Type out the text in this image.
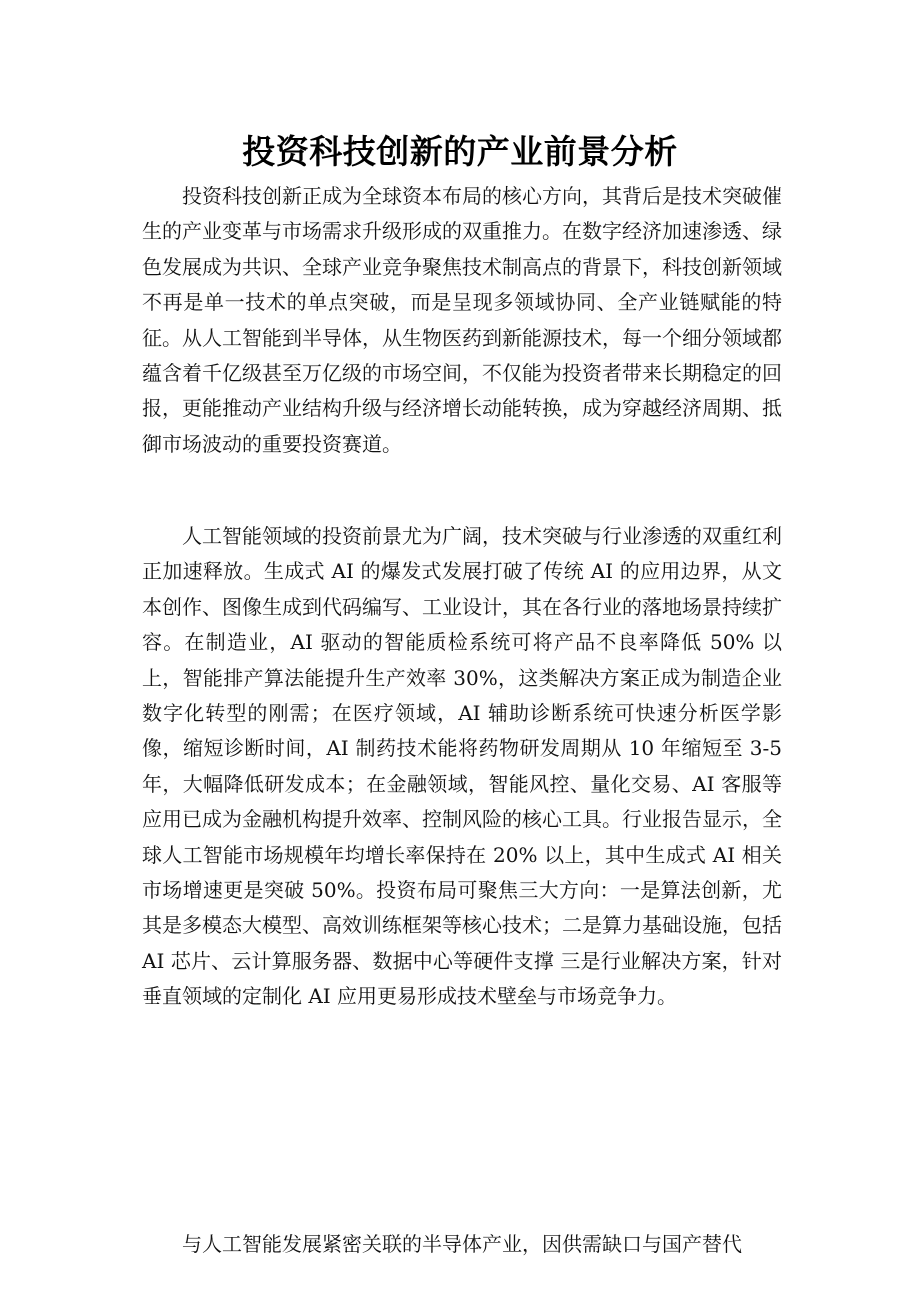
投资科技创新的产业前景分析

投资科技创新正成为全球资本布局的核心方向，其背后是技术突破催生的产业变革与市场需求升级形成的双重推力。在数字经济加速渗透、绿色发展成为共识、全球产业竞争聚焦技术制高点的背景下，科技创新领域不再是单一技术的单点突破，而是呈现多领域协同、全产业链赋能的特征。从人工智能到半导体，从生物医药到新能源技术，每一个细分领域都蕴含着千亿级甚至万亿级的市场空间，不仅能为投资者带来长期稳定的回报，更能推动产业结构升级与经济增长动能转换，成为穿越经济周期、抵御市场波动的重要投资赛道。

人工智能领域的投资前景尤为广阔，技术突破与行业渗透的双重红利正加速释放。生成式 AI 的爆发式发展打破了传统 AI 的应用边界，从文本创作、图像生成到代码编写、工业设计，其在各行业的落地场景持续扩容。在制造业，AI 驱动的智能质检系统可将产品不良率降低 50% 以上，智能排产算法能提升生产效率 30%，这类解决方案正成为制造企业数字化转型的刚需；在医疗领域，AI 辅助诊断系统可快速分析医学影像，缩短诊断时间，AI 制药技术能将药物研发周期从 10 年缩短至 3-5 年，大幅降低研发成本；在金融领域，智能风控、量化交易、AI 客服等应用已成为金融机构提升效率、控制风险的核心工具。行业报告显示，全球人工智能市场规模年均增长率保持在 20% 以上，其中生成式 AI 相关市场增速更是突破 50%。投资布局可聚焦三大方向：一是算法创新，尤其是多模态大模型、高效训练框架等核心技术；二是算力基础设施，包括 AI 芯片、云计算服务器、数据中心等硬件支撑 三是行业解决方案，针对垂直领域的定制化 AI 应用更易形成技术壁垒与市场竞争力。

与人工智能发展紧密关联的半导体产业，因供需缺口与国产替代
